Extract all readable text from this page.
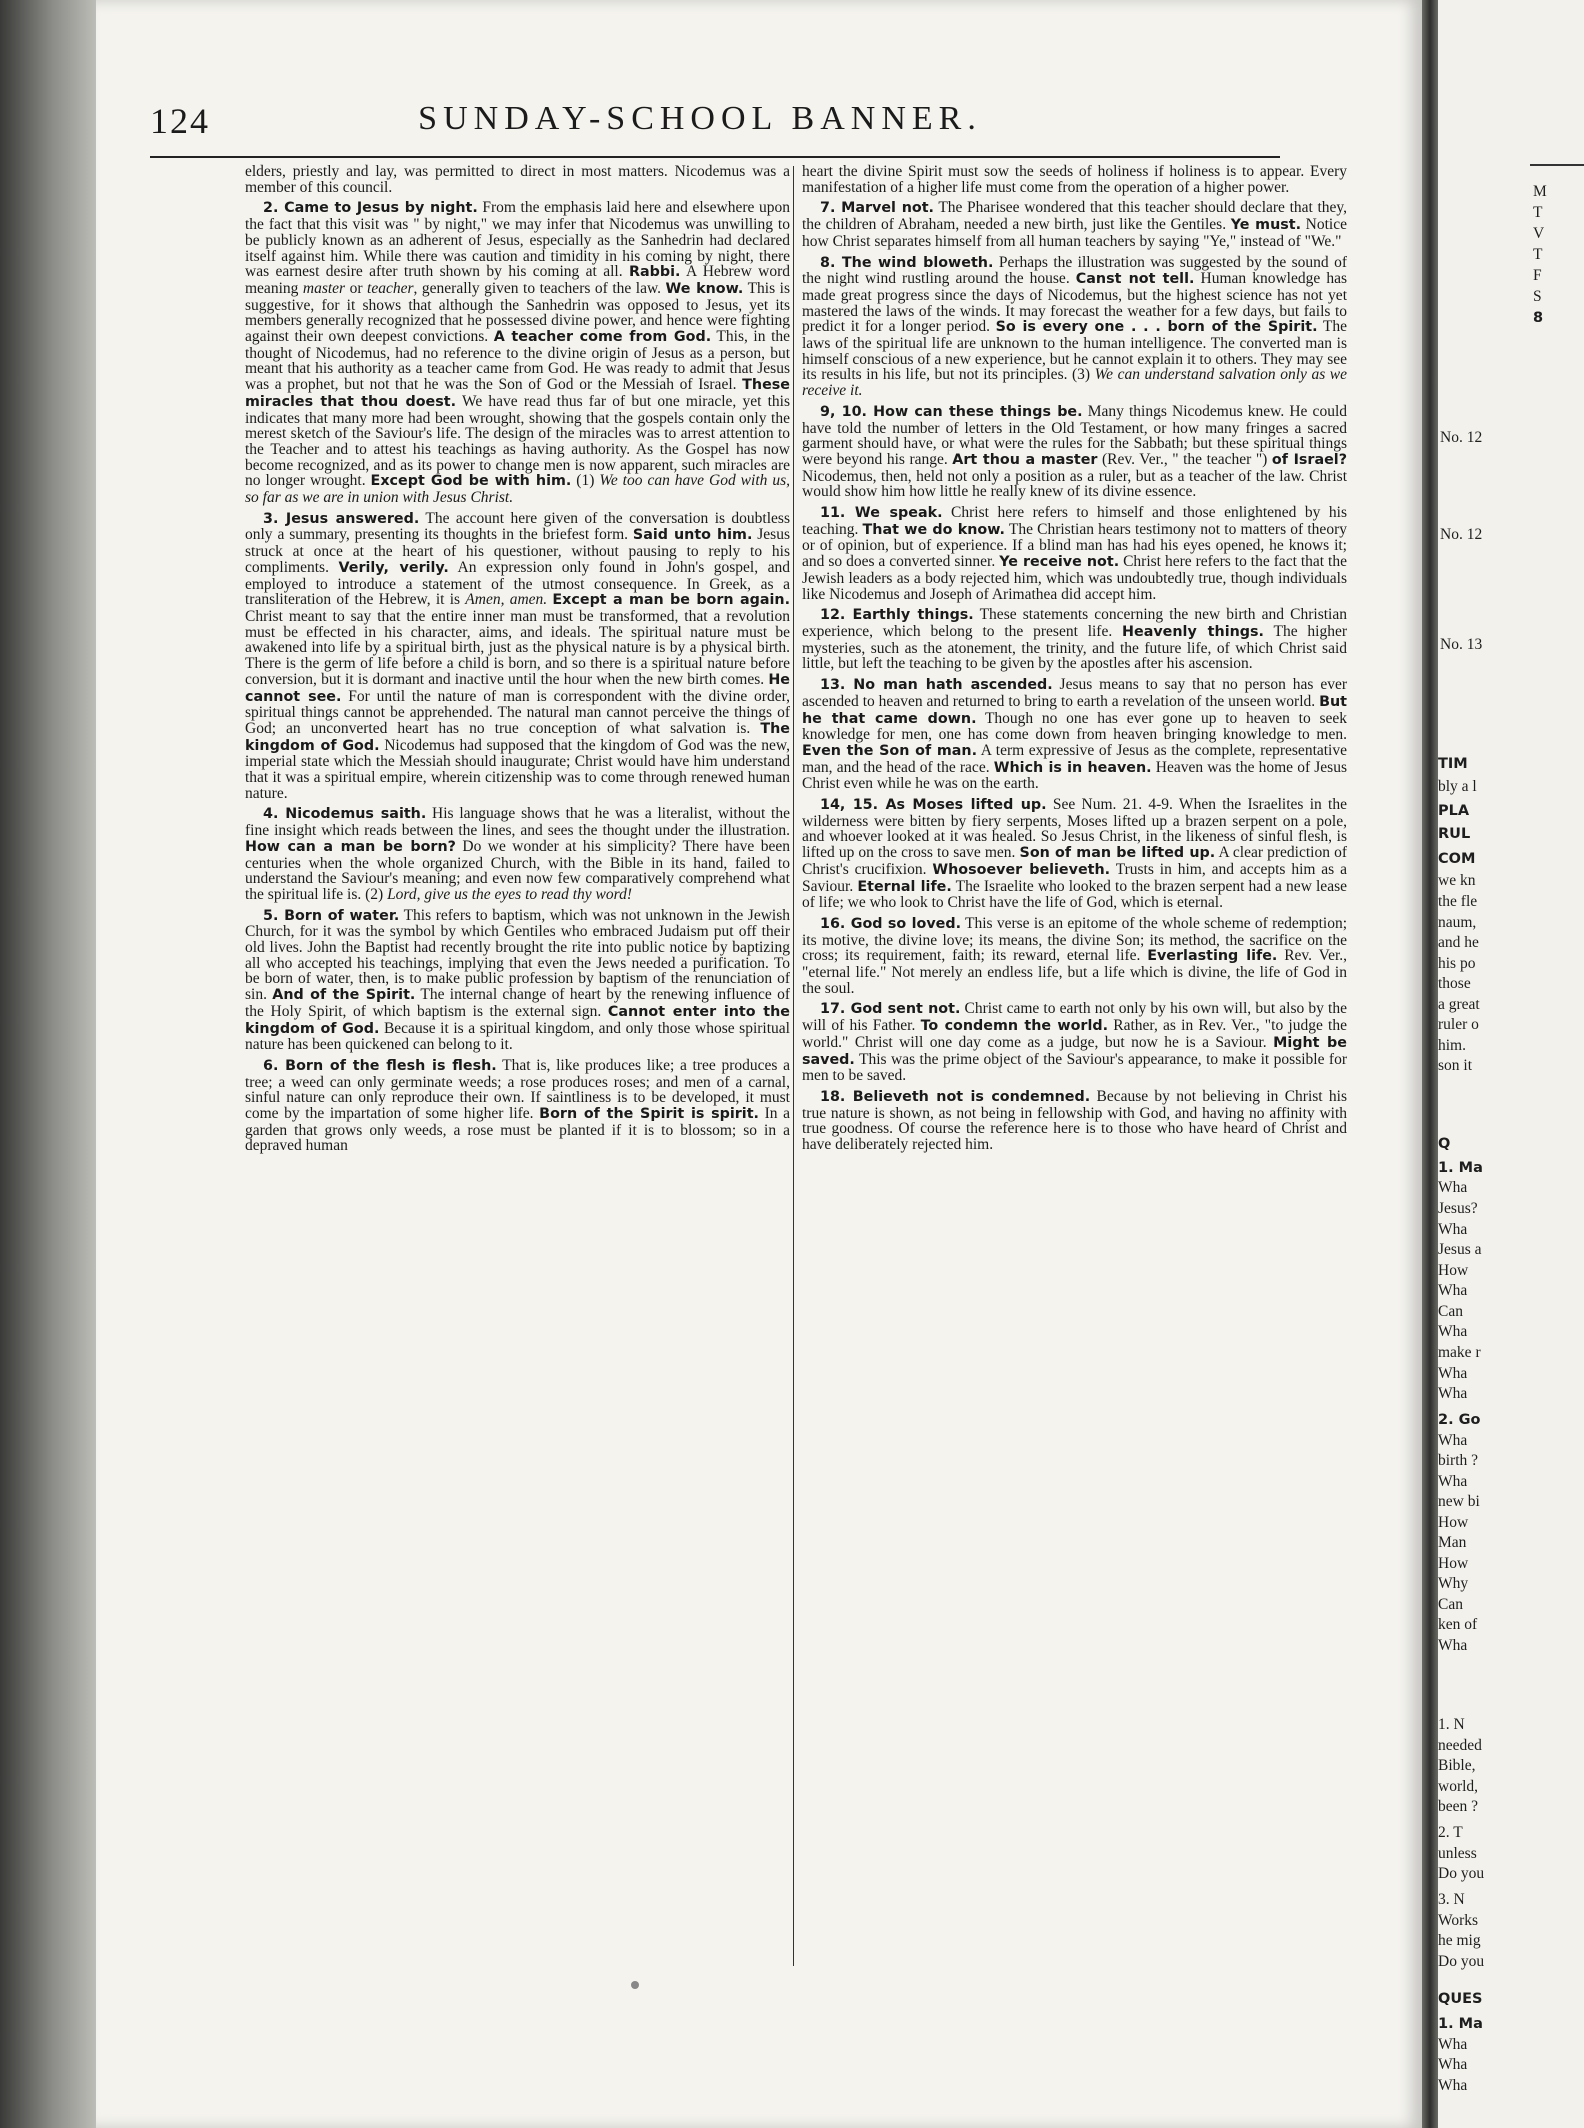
124	SUNDAY-SCHOOL BANNER.

elders, priestly and lay, was permitted to direct in most matters. Nicodemus was a member of this council.

2. Came to Jesus by night. From the emphasis laid here and elsewhere upon the fact that this visit was " by night," we may infer that Nicodemus was unwilling to be publicly known as an adherent of Jesus, especially as the Sanhedrin had declared itself against him. While there was caution and timidity in his coming by night, there was earnest desire after truth shown by his coming at all. Rabbi. A Hebrew word meaning master or teacher, generally given to teachers of the law. We know. This is suggestive, for it shows that although the Sanhedrin was opposed to Jesus, yet its members generally recognized that he possessed divine power, and hence were fighting against their own deepest convictions. A teacher come from God. This, in the thought of Nicodemus, had no reference to the divine origin of Jesus as a person, but meant that his authority as a teacher came from God. He was ready to admit that Jesus was a prophet, but not that he was the Son of God or the Messiah of Israel. These miracles that thou doest. We have read thus far of but one miracle, yet this indicates that many more had been wrought, showing that the gospels contain only the merest sketch of the Saviour's life. The design of the miracles was to arrest attention to the Teacher and to attest his teachings as having authority. As the Gospel has now become recognized, and as its power to change men is now apparent, such miracles are no longer wrought. Except God be with him. (1) We too can have God with us, so far as we are in union with Jesus Christ.

3. Jesus answered. The account here given of the conversation is doubtless only a summary, presenting its thoughts in the briefest form. Said unto him. Jesus struck at once at the heart of his questioner, without pausing to reply to his compliments. Verily, verily. An expression only found in John's gospel, and employed to introduce a statement of the utmost consequence. In Greek, as a transliteration of the Hebrew, it is Amen, amen. Except a man be born again. Christ meant to say that the entire inner man must be transformed, that a revolution must be effected in his character, aims, and ideals. The spiritual nature must be awakened into life by a spiritual birth, just as the physical nature is by a physical birth. There is the germ of life before a child is born, and so there is a spiritual nature before conversion, but it is dormant and inactive until the hour when the new birth comes. He cannot see. For until the nature of man is correspondent with the divine order, spiritual things cannot be apprehended. The natural man cannot perceive the things of God; an unconverted heart has no true conception of what salvation is. The kingdom of God. Nicodemus had supposed that the kingdom of God was the new, imperial state which the Messiah should inaugurate; Christ would have him understand that it was a spiritual empire, wherein citizenship was to come through renewed human nature.

4. Nicodemus saith. His language shows that he was a literalist, without the fine insight which reads between the lines, and sees the thought under the illustration. How can a man be born? Do we wonder at his simplicity? There have been centuries when the whole organized Church, with the Bible in its hand, failed to understand the Saviour's meaning; and even now few comparatively comprehend what the spiritual life is. (2) Lord, give us the eyes to read thy word!

5. Born of water. This refers to baptism, which was not unknown in the Jewish Church, for it was the symbol by which Gentiles who embraced Judaism put off their old lives. John the Baptist had recently brought the rite into public notice by baptizing all who accepted his teachings, implying that even the Jews needed a purification. To be born of water, then, is to make public profession by baptism of the renunciation of sin. And of the Spirit. The internal change of heart by the renewing influence of the Holy Spirit, of which baptism is the external sign. Cannot enter into the kingdom of God. Because it is a spiritual kingdom, and only those whose spiritual nature has been quickened can belong to it.

6. Born of the flesh is flesh. That is, like produces like; a tree produces a tree; a weed can only germinate weeds; a rose produces roses; and men of a carnal, sinful nature can only reproduce their own. If saintliness is to be developed, it must come by the impartation of some higher life. Born of the Spirit is spirit. In a garden that grows only weeds, a rose must be planted if it is to blossom; so in a depraved human

heart the divine Spirit must sow the seeds of holiness if holiness is to appear. Every manifestation of a higher life must come from the operation of a higher power.

7. Marvel not. The Pharisee wondered that this teacher should declare that they, the children of Abraham, needed a new birth, just like the Gentiles. Ye must. Notice how Christ separates himself from all human teachers by saying "Ye," instead of "We."

8. The wind bloweth. Perhaps the illustration was suggested by the sound of the night wind rustling around the house. Canst not tell. Human knowledge has made great progress since the days of Nicodemus, but the highest science has not yet mastered the laws of the winds. It may forecast the weather for a few days, but fails to predict it for a longer period. So is every one . . . born of the Spirit. The laws of the spiritual life are unknown to the human intelligence. The converted man is himself conscious of a new experience, but he cannot explain it to others. They may see its results in his life, but not its principles. (3) We can understand salvation only as we receive it.

9, 10. How can these things be. Many things Nicodemus knew. He could have told the number of letters in the Old Testament, or how many fringes a sacred garment should have, or what were the rules for the Sabbath; but these spiritual things were beyond his range. Art thou a master (Rev. Ver., " the teacher ") of Israel? Nicodemus, then, held not only a position as a ruler, but as a teacher of the law. Christ would show him how little he really knew of its divine essence.

11. We speak. Christ here refers to himself and those enlightened by his teaching. That we do know. The Christian hears testimony not to matters of theory or of opinion, but of experience. If a blind man has had his eyes opened, he knows it; and so does a converted sinner. Ye receive not. Christ here refers to the fact that the Jewish leaders as a body rejected him, which was undoubtedly true, though individuals like Nicodemus and Joseph of Arimathea did accept him.

12. Earthly things. These statements concerning the new birth and Christian experience, which belong to the present life. Heavenly things. The higher mysteries, such as the atonement, the trinity, and the future life, of which Christ said little, but left the teaching to be given by the apostles after his ascension.

13. No man hath ascended. Jesus means to say that no person has ever ascended to heaven and returned to bring to earth a revelation of the unseen world. But he that came down. Though no one has ever gone up to heaven to seek knowledge for men, one has come down from heaven bringing knowledge to men. Even the Son of man. A term expressive of Jesus as the complete, representative man, and the head of the race. Which is in heaven. Heaven was the home of Jesus Christ even while he was on the earth.

14, 15. As Moses lifted up. See Num. 21. 4-9. When the Israelites in the wilderness were bitten by fiery serpents, Moses lifted up a brazen serpent on a pole, and whoever looked at it was healed. So Jesus Christ, in the likeness of sinful flesh, is lifted up on the cross to save men. Son of man be lifted up. A clear prediction of Christ's crucifixion. Whosoever believeth. Trusts in him, and accepts him as a Saviour. Eternal life. The Israelite who looked to the brazen serpent had a new lease of life; we who look to Christ have the life of God, which is eternal.

16. God so loved. This verse is an epitome of the whole scheme of redemption; its motive, the divine love; its means, the divine Son; its method, the sacrifice on the cross; its requirement, faith; its reward, eternal life. Everlasting life. Rev. Ver., "eternal life." Not merely an endless life, but a life which is divine, the life of God in the soul.

17. God sent not. Christ came to earth not only by his own will, but also by the will of his Father. To condemn the world. Rather, as in Rev. Ver., "to judge the world." Christ will one day come as a judge, but now he is a Saviour. Might be saved. This was the prime object of the Saviour's appearance, to make it possible for men to be saved.

18. Believeth not is condemned. Because by not believing in Christ his true nature is shown, as not being in fellowship with God, and having no affinity with true goodness. Of course the reference here is to those who have heard of Christ and have deliberately rejected him.

M
T
V
T
F
S
8
No. 12
No. 12
No. 13
TIM
bly a l
PLA
RUL
COM
we kn
the fle
naum,
and he
his po
those
a great
ruler o
him.
son it
Q
1. Ma
Wha
Jesus?
Wha
Jesus a
How
Wha
Can
Wha
make r
Wha
Wha
2. Go
Wha
birth ?
Wha
new bi
How
Man
How
Why
Can
ken of
Wha
1. N
needed
Bible,
world,
been ?
2. T
unless
Do you
3. N
Works
he mig
Do you
QUES
1. Ma
Wha
Wha
Wha
